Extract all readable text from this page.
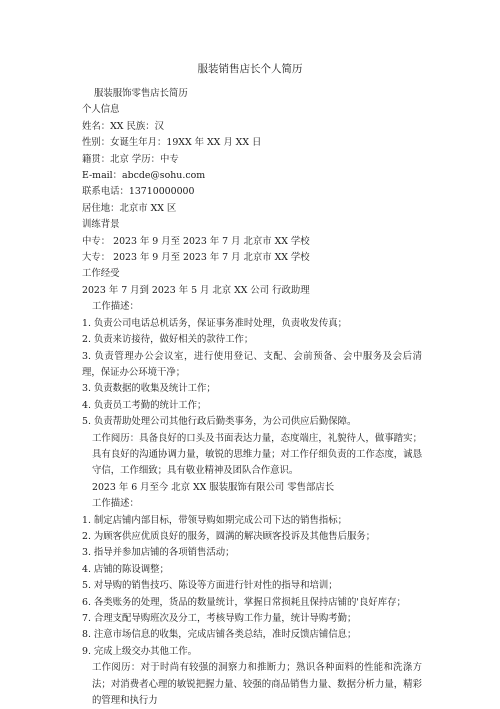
服装销售店长个人简历
服装服饰零售店长简历
个人信息
姓名：XX 民族：汉
性别：女诞生年月：19XX 年 XX 月 XX 日
籍贯：北京 学历：中专
E-mail：abcde@sohu.com
联系电话：13710000000
居住地：北京市 XX 区
训练背景
中专： 2023 年 9 月至 2023 年 7 月 北京市 XX 学校
大专： 2023 年 9 月至 2023 年 7 月 北京市 XX 学校
工作经受
2023 年 7 月到 2023 年 5 月 北京 XX 公司 行政助理
工作描述：
1. 负责公司电话总机话务，保证事务准时处理，负责收发传真；
2. 负责来访接待，做好相关的款待工作；
3. 负责管理办公会议室，进行使用登记、支配、会前预备、会中服务及会后清理，保证办公环境干净；
3. 负责数据的收集及统计工作；
4. 负责员工考勤的统计工作；
5. 负责帮助处理公司其他行政后勤类事务，为公司供应后勤保障。
工作阅历：具备良好的口头及书面表达力量，态度端庄，礼貌待人，做事踏实；具有良好的沟通协调力量，敏锐的思维力量；对工作仔细负责的工作态度，诚恳守信，工作细致；具有敬业精神及团队合作意识。
2023 年 6 月至今 北京 XX 服装服饰有限公司 零售部店长
工作描述：
1. 制定店铺内部目标，带领导购如期完成公司下达的销售指标；
2. 为顾客供应优质良好的服务，圆满的解决顾客投诉及其他售后服务；
3. 指导并参加店铺的各项销售活动；
4. 店铺的陈设调整；
5. 对导购的销售技巧、陈设等方面进行针对性的指导和培训；
6. 各类账务的处理，货品的数量统计，掌握日常损耗且保持店铺的'良好库存；
7. 合理支配导购班次及分工，考核导购工作力量，统计导购考勤；
8. 注意市场信息的收集，完成店铺各类总结，准时反馈店铺信息；
9. 完成上级交办其他工作。
工作阅历：对于时尚有较强的洞察力和推断力；熟识各种面料的性能和洗涤方法；对消费者心理的敏锐把握力量、较强的商品销售力量、数据分析力量，精彩的管理和执行力
